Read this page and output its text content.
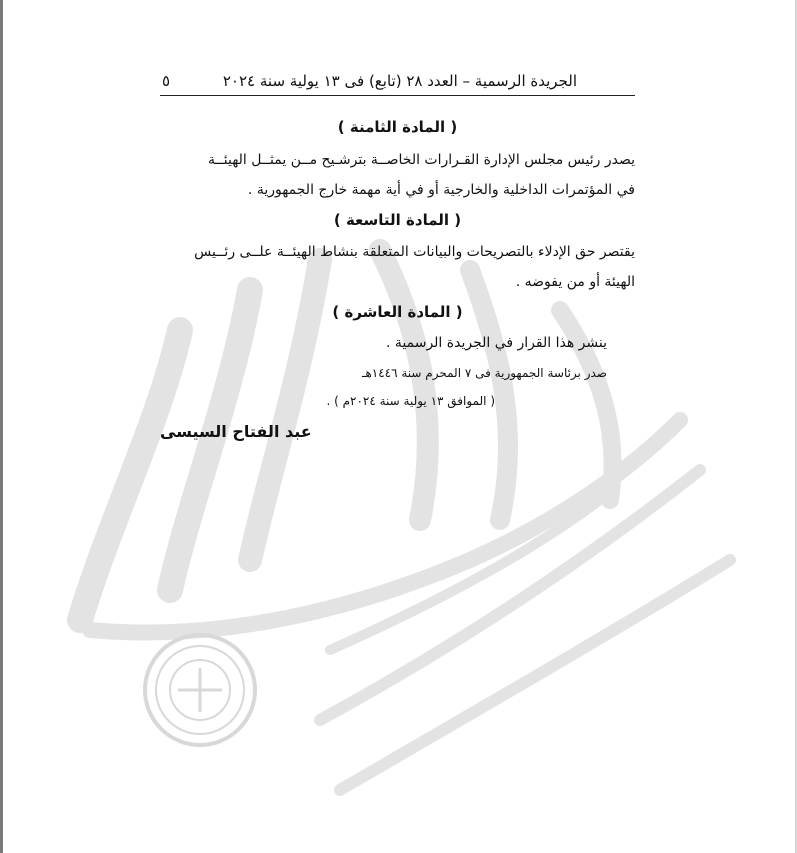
الجريدة الرسمية – العدد ٢٨ (تابع) فى ١٣ يولية سنة ٢٠٢٤
٥
( المادة الثامنة )
يصدر رئيس مجلس الإدارة القـرارات الخاصــة بترشـيح مــن يمثــل الهيئــة
في المؤتمرات الداخلية والخارجية أو في أية مهمة خارج الجمهورية .
( المادة التاسعة )
يقتصر حق الإدلاء بالتصريحات والبيانات المتعلقة بنشاط الهيئــة علــى رئــيس
الهيئة أو من يفوضه .
( المادة العاشرة )
ينشر هذا القرار في الجريدة الرسمية .
صدر برئاسة الجمهورية فى ٧ المحرم سنة ١٤٤٦هـ
( الموافق ١٣ يولية سنة ٢٠٢٤م ) .
عبد الفتاح السيسى
